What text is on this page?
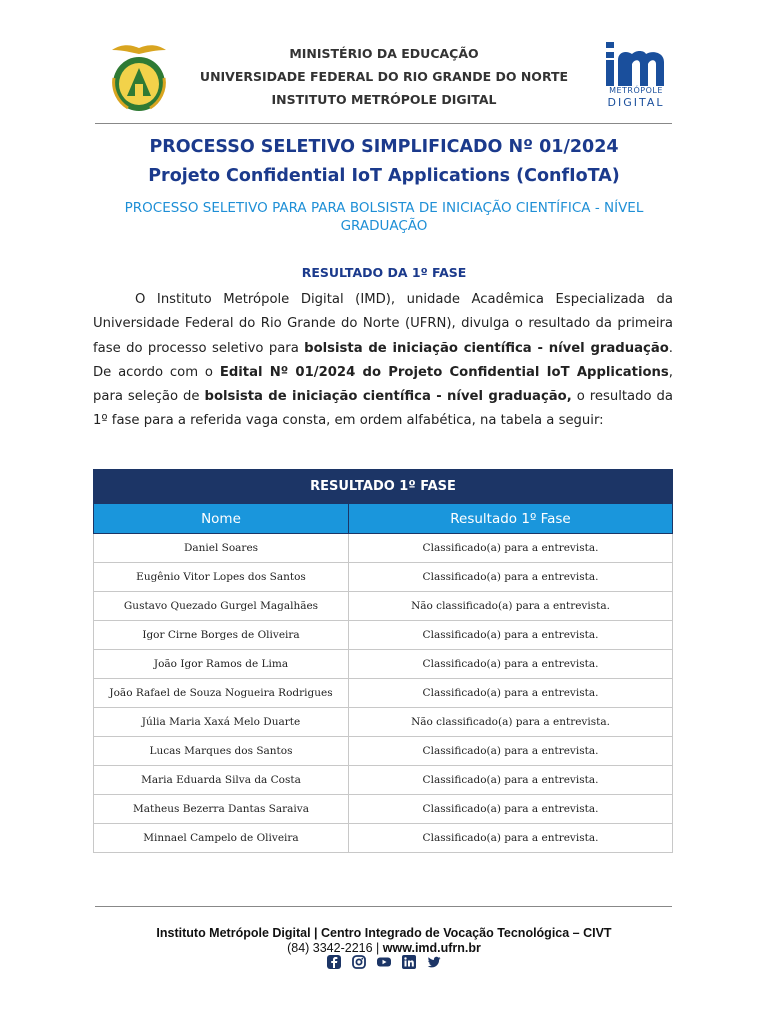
MINISTÉRIO DA EDUCAÇÃO
UNIVERSIDADE FEDERAL DO RIO GRANDE DO NORTE
INSTITUTO METRÓPOLE DIGITAL
METRÓPOLE
DIGITAL
PROCESSO SELETIVO SIMPLIFICADO Nº 01/2024
Projeto Confidential IoT Applications (ConfIoTA)
PROCESSO SELETIVO PARA PARA BOLSISTA DE INICIAÇÃO CIENTÍFICA - NÍVEL GRADUAÇÃO
RESULTADO DA 1º FASE
O Instituto Metrópole Digital (IMD), unidade Acadêmica Especializada da Universidade Federal do Rio Grande do Norte (UFRN), divulga o resultado da primeira fase do processo seletivo para bolsista de iniciação científica - nível graduação. De acordo com o Edital Nº 01/2024 do Projeto Confidential IoT Applications, para seleção de bolsista de iniciação científica - nível graduação, o resultado da 1º fase para a referida vaga consta, em ordem alfabética, na tabela a seguir:
RESULTADO 1º FASE	
Nome	Resultado 1º Fase
Daniel Soares	Classificado(a) para a entrevista.
Eugênio Vitor Lopes dos Santos	Classificado(a) para a entrevista.
Gustavo Quezado Gurgel Magalhães	Não classificado(a) para a entrevista.
Igor Cirne Borges de Oliveira	Classificado(a) para a entrevista.
João Igor Ramos de Lima	Classificado(a) para a entrevista.
João Rafael de Souza Nogueira Rodrigues	Classificado(a) para a entrevista.
Júlia Maria Xaxá Melo Duarte	Não classificado(a) para a entrevista.
Lucas Marques dos Santos	Classificado(a) para a entrevista.
Maria Eduarda Silva da Costa	Classificado(a) para a entrevista.
Matheus Bezerra Dantas Saraiva	Classificado(a) para a entrevista.
Minnael Campelo de Oliveira	Classificado(a) para a entrevista.
Instituto Metrópole Digital | Centro Integrado de Vocação Tecnológica – CIVT
(84) 3342-2216 | www.imd.ufrn.br
